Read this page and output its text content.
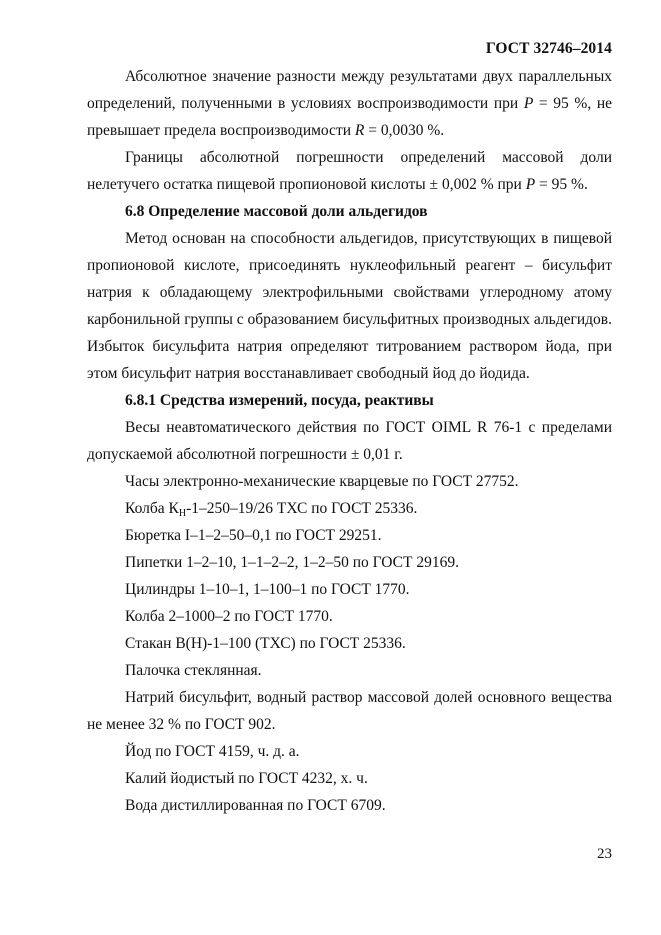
ГОСТ 32746–2014

Абсолютное значение разности между результатами двух параллельных определений, полученными в условиях воспроизводимости при P = 95 %, не превышает предела воспроизводимости R = 0,0030 %.

Границы абсолютной погрешности определений массовой доли нелетучего остатка пищевой пропионовой кислоты ± 0,002 % при P = 95 %.

6.8 Определение массовой доли альдегидов

Метод основан на способности альдегидов, присутствующих в пищевой пропионовой кислоте, присоединять нуклеофильный реагент – бисульфит натрия к обладающему электрофильными свойствами углеродному атому карбонильной группы с образованием бисульфитных производных альдегидов. Избыток бисульфита натрия определяют титрованием раствором йода, при этом бисульфит натрия восстанавливает свободный йод до йодида.

6.8.1 Средства измерений, посуда, реактивы

Весы неавтоматического действия по ГОСТ OIML R 76-1 с пределами допускаемой абсолютной погрешности ± 0,01 г.

Часы электронно-механические кварцевые по ГОСТ 27752.

Колба $К_Н-1-250-19/26$ ТХС по ГОСТ 25336.

Бюретка I–1–2–50–0,1 по ГОСТ 29251.

Пипетки 1–2–10, 1–1–2–2, 1–2–50 по ГОСТ 29169.

Цилиндры 1–10–1, 1–100–1 по ГОСТ 1770.

Колба 2–1000–2 по ГОСТ 1770.

Стакан В(Н)-1–100 (ТХС) по ГОСТ 25336.

Палочка стеклянная.

Натрий бисульфит, водный раствор массовой долей основного вещества не менее 32 % по ГОСТ 902.

Йод по ГОСТ 4159, ч. д. а.

Калий йодистый по ГОСТ 4232, х. ч.

Вода дистиллированная по ГОСТ 6709.

23
